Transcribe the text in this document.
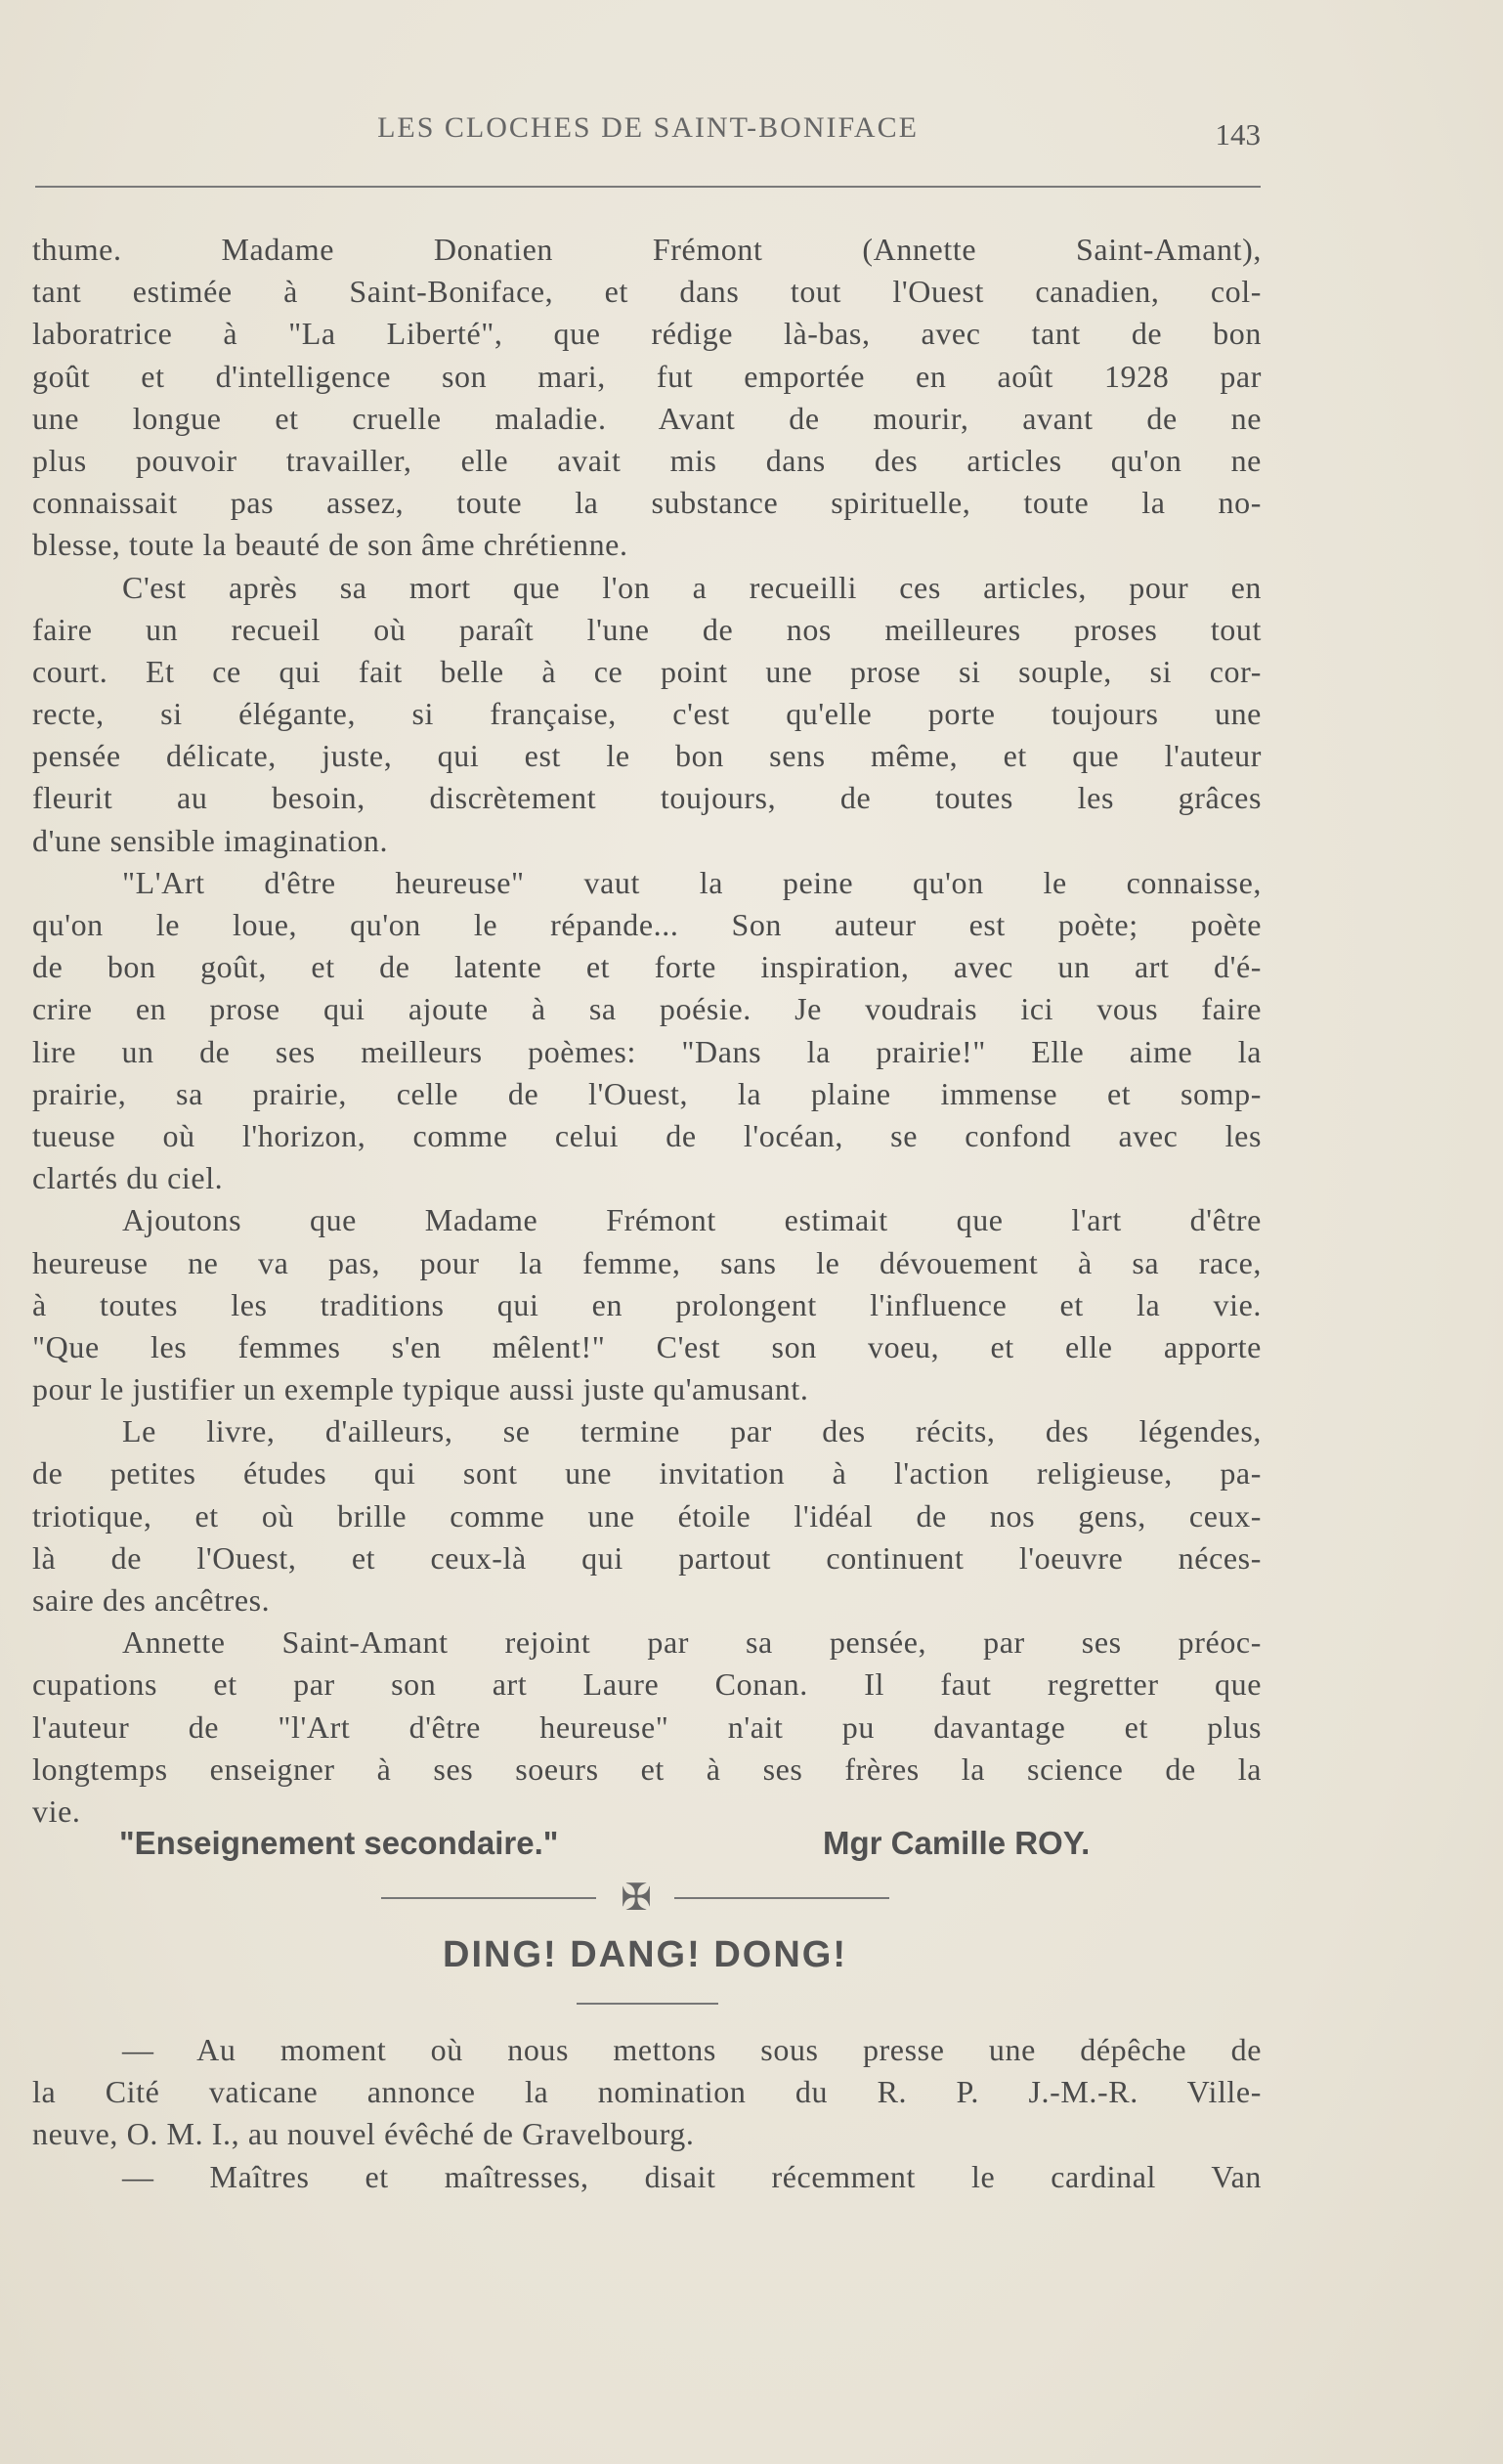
LES CLOCHES DE SAINT-BONIFACE	143
thume. Madame Donatien Frémont (Annette Saint-Amant),
tant estimée à Saint-Boniface, et dans tout l'Ouest canadien, col-
laboratrice à "La Liberté", que rédige là-bas, avec tant de bon
goût et d'intelligence son mari, fut emportée en août 1928 par
une longue et cruelle maladie. Avant de mourir, avant de ne
plus pouvoir travailler, elle avait mis dans des articles qu'on ne
connaissait pas assez, toute la substance spirituelle, toute la no-
blesse, toute la beauté de son âme chrétienne.
C'est après sa mort que l'on a recueilli ces articles, pour en
faire un recueil où paraît l'une de nos meilleures proses tout
court. Et ce qui fait belle à ce point une prose si souple, si cor-
recte, si élégante, si française, c'est qu'elle porte toujours une
pensée délicate, juste, qui est le bon sens même, et que l'auteur
fleurit au besoin, discrètement toujours, de toutes les grâces
d'une sensible imagination.
"L'Art d'être heureuse" vaut la peine qu'on le connaisse,
qu'on le loue, qu'on le répande... Son auteur est poète; poète
de bon goût, et de latente et forte inspiration, avec un art d'é-
crire en prose qui ajoute à sa poésie. Je voudrais ici vous faire
lire un de ses meilleurs poèmes: "Dans la prairie!" Elle aime la
prairie, sa prairie, celle de l'Ouest, la plaine immense et somp-
tueuse où l'horizon, comme celui de l'océan, se confond avec les
clartés du ciel.
Ajoutons que Madame Frémont estimait que l'art d'être
heureuse ne va pas, pour la femme, sans le dévouement à sa race,
à toutes les traditions qui en prolongent l'influence et la vie.
"Que les femmes s'en mêlent!" C'est son voeu, et elle apporte
pour le justifier un exemple typique aussi juste qu'amusant.
Le livre, d'ailleurs, se termine par des récits, des légendes,
de petites études qui sont une invitation à l'action religieuse, pa-
triotique, et où brille comme une étoile l'idéal de nos gens, ceux-
là de l'Ouest, et ceux-là qui partout continuent l'oeuvre néces-
saire des ancêtres.
Annette Saint-Amant rejoint par sa pensée, par ses préoc-
cupations et par son art Laure Conan. Il faut regretter que
l'auteur de "l'Art d'être heureuse" n'ait pu davantage et plus
longtemps enseigner à ses soeurs et à ses frères la science de la
vie.
"Enseignement secondaire."	Mgr Camille ROY.
✠
DING! DANG! DONG!
— Au moment où nous mettons sous presse une dépêche de
la Cité vaticane annonce la nomination du R. P. J.-M.-R. Ville-
neuve, O. M. I., au nouvel évêché de Gravelbourg.
— Maîtres et maîtresses, disait récemment le cardinal Van
